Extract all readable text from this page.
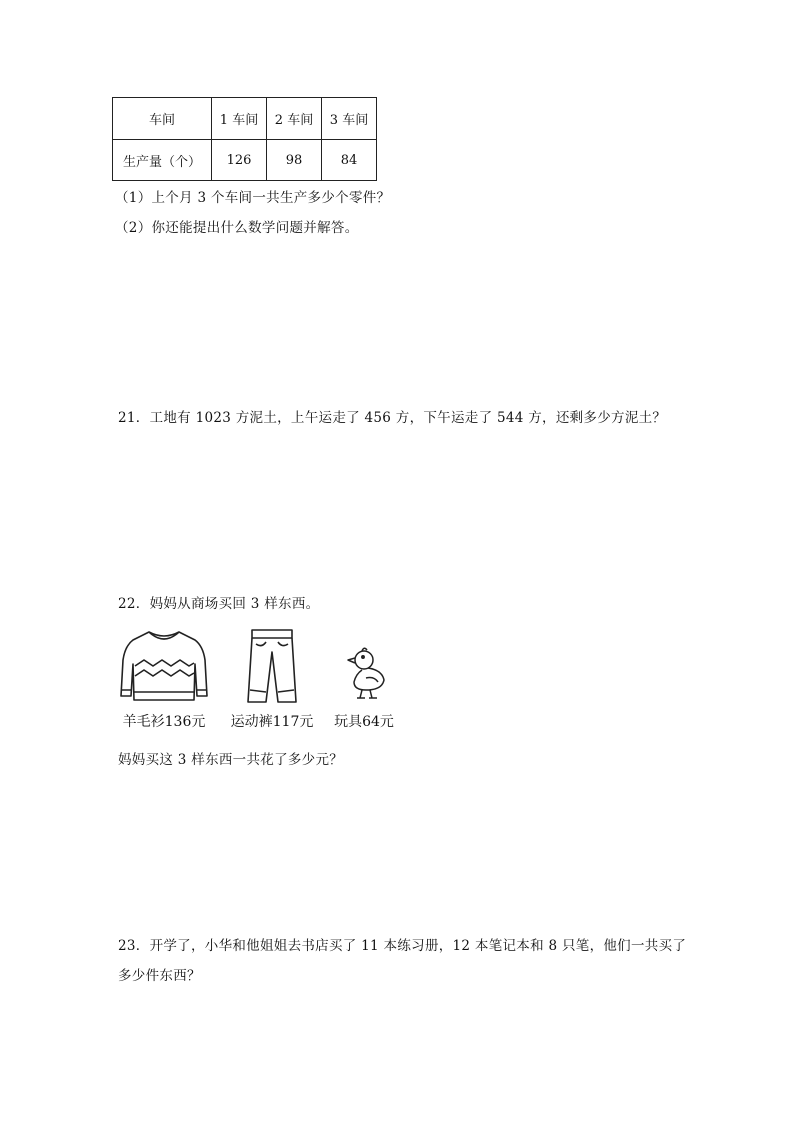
车间	1 车间	2 车间	3 车间
生产量（个）	126	98	84
（1）上个月 3 个车间一共生产多少个零件？
（2）你还能提出什么数学问题并解答。
21．工地有 1023 方泥土，上午运走了 456 方，下午运走了 544 方，还剩多少方泥土？
22．妈妈从商场买回 3 样东西。
羊毛衫136元	运动裤117元	玩具64元
妈妈买这 3 样东西一共花了多少元？
23．开学了，小华和他姐姐去书店买了 11 本练习册，12 本笔记本和 8 只笔，他们一共买了
多少件东西？
